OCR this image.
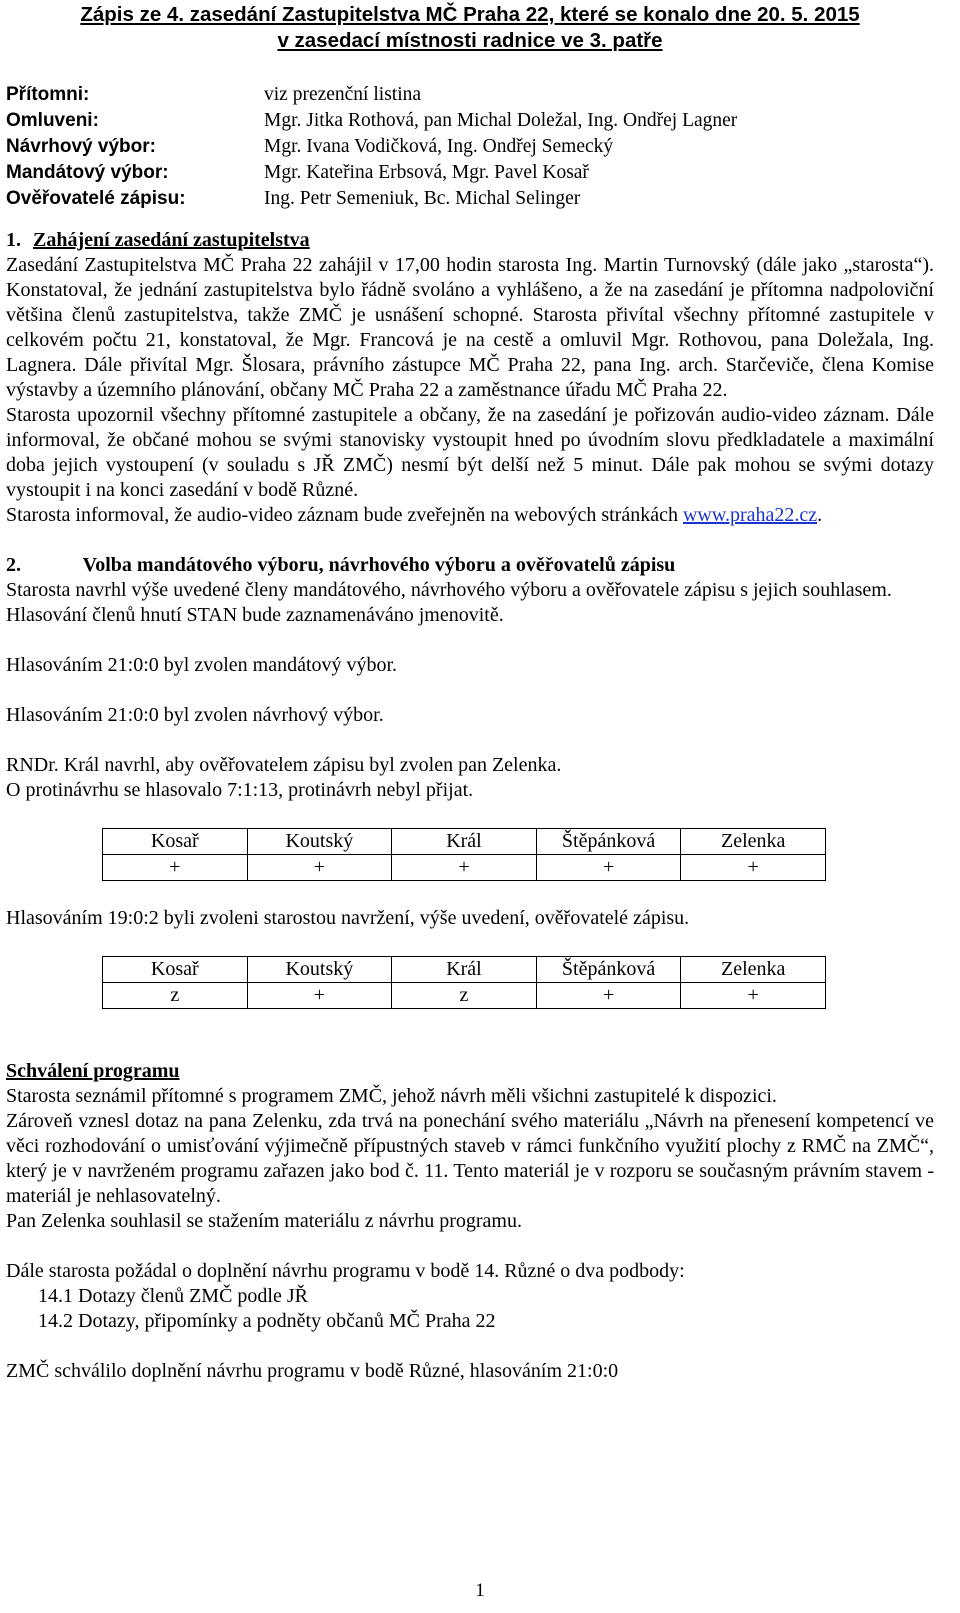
Zápis ze 4. zasedání Zastupitelstva MČ Praha 22, které se konalo dne 20. 5. 2015
v zasedací místnosti radnice ve 3. patře
Přítomni:	viz prezenční listina
Omluveni:	Mgr. Jitka Rothová, pan Michal Doležal, Ing. Ondřej Lagner
Návrhový výbor:	Mgr. Ivana Vodičková, Ing. Ondřej Semecký
Mandátový výbor:	Mgr. Kateřina Erbsová, Mgr. Pavel Kosař
Ověřovatelé zápisu:	Ing. Petr Semeniuk, Bc. Michal Selinger
1. Zahájení zasedání zastupitelstva

Zasedání Zastupitelstva MČ Praha 22 zahájil v 17,00 hodin starosta Ing. Martin Turnovský (dále jako „starosta“). Konstatoval, že jednání zastupitelstva bylo řádně svoláno a vyhlášeno, a že na zasedání je přítomna nadpoloviční většina členů zastupitelstva, takže ZMČ je usnášení schopné. Starosta přivítal všechny přítomné zastupitele v celkovém počtu 21, konstatoval, že Mgr. Francová je na cestě a omluvil Mgr. Rothovou, pana Doležala, Ing. Lagnera. Dále přivítal Mgr. Šlosara, právního zástupce MČ Praha 22, pana Ing. arch. Starčeviče, člena Komise výstavby a územního plánování, občany MČ Praha 22 a zaměstnance úřadu MČ Praha 22.

Starosta upozornil všechny přítomné zastupitele a občany, že na zasedání je pořizován audio-video záznam. Dále informoval, že občané mohou se svými stanovisky vystoupit hned po úvodním slovu předkladatele a maximální doba jejich vystoupení (v souladu s JŘ ZMČ) nesmí být delší než 5 minut. Dále pak mohou se svými dotazy vystoupit i na konci zasedání v bodě Různé.

Starosta informoval, že audio-video záznam bude zveřejněn na webových stránkách www.praha22.cz.

2.	Volba mandátového výboru, návrhového výboru a ověřovatelů zápisu

Starosta navrhl výše uvedené členy mandátového, návrhového výboru a ověřovatele zápisu s jejich souhlasem.

Hlasování členů hnutí STAN bude zaznamenáváno jmenovitě.

Hlasováním 21:0:0 byl zvolen mandátový výbor.

Hlasováním 21:0:0 byl zvolen návrhový výbor.

RNDr. Král navrhl, aby ověřovatelem zápisu byl zvolen pan Zelenka.

O protinávrhu se hlasovalo 7:1:13, protinávrh nebyl přijat.

Kosař	Koutský	Král	Štěpánková	Zelenka
+	+	+	+	+

Hlasováním 19:0:2 byli zvoleni starostou navržení, výše uvedení, ověřovatelé zápisu.

Kosař	Koutský	Král	Štěpánková	Zelenka
z	+	z	+	+
Schválení programu

Starosta seznámil přítomné s programem ZMČ, jehož návrh měli všichni zastupitelé k dispozici.

Zároveň vznesl dotaz na pana Zelenku, zda trvá na ponechání svého materiálu „Návrh na přenesení kompetencí ve věci rozhodování o umisťování výjimečně přípustných staveb v rámci funkčního využití plochy z RMČ na ZMČ“, který je v navrženém programu zařazen jako bod č. 11. Tento materiál je v rozporu se současným právním stavem - materiál je nehlasovatelný.

Pan Zelenka souhlasil se stažením materiálu z návrhu programu.

Dále starosta požádal o doplnění návrhu programu v bodě 14. Různé o dva podbody:

14.1 Dotazy členů ZMČ podle JŘ
14.2 Dotazy, připomínky a podněty občanů MČ Praha 22

ZMČ schválilo doplnění návrhu programu v bodě Různé, hlasováním 21:0:0

1
